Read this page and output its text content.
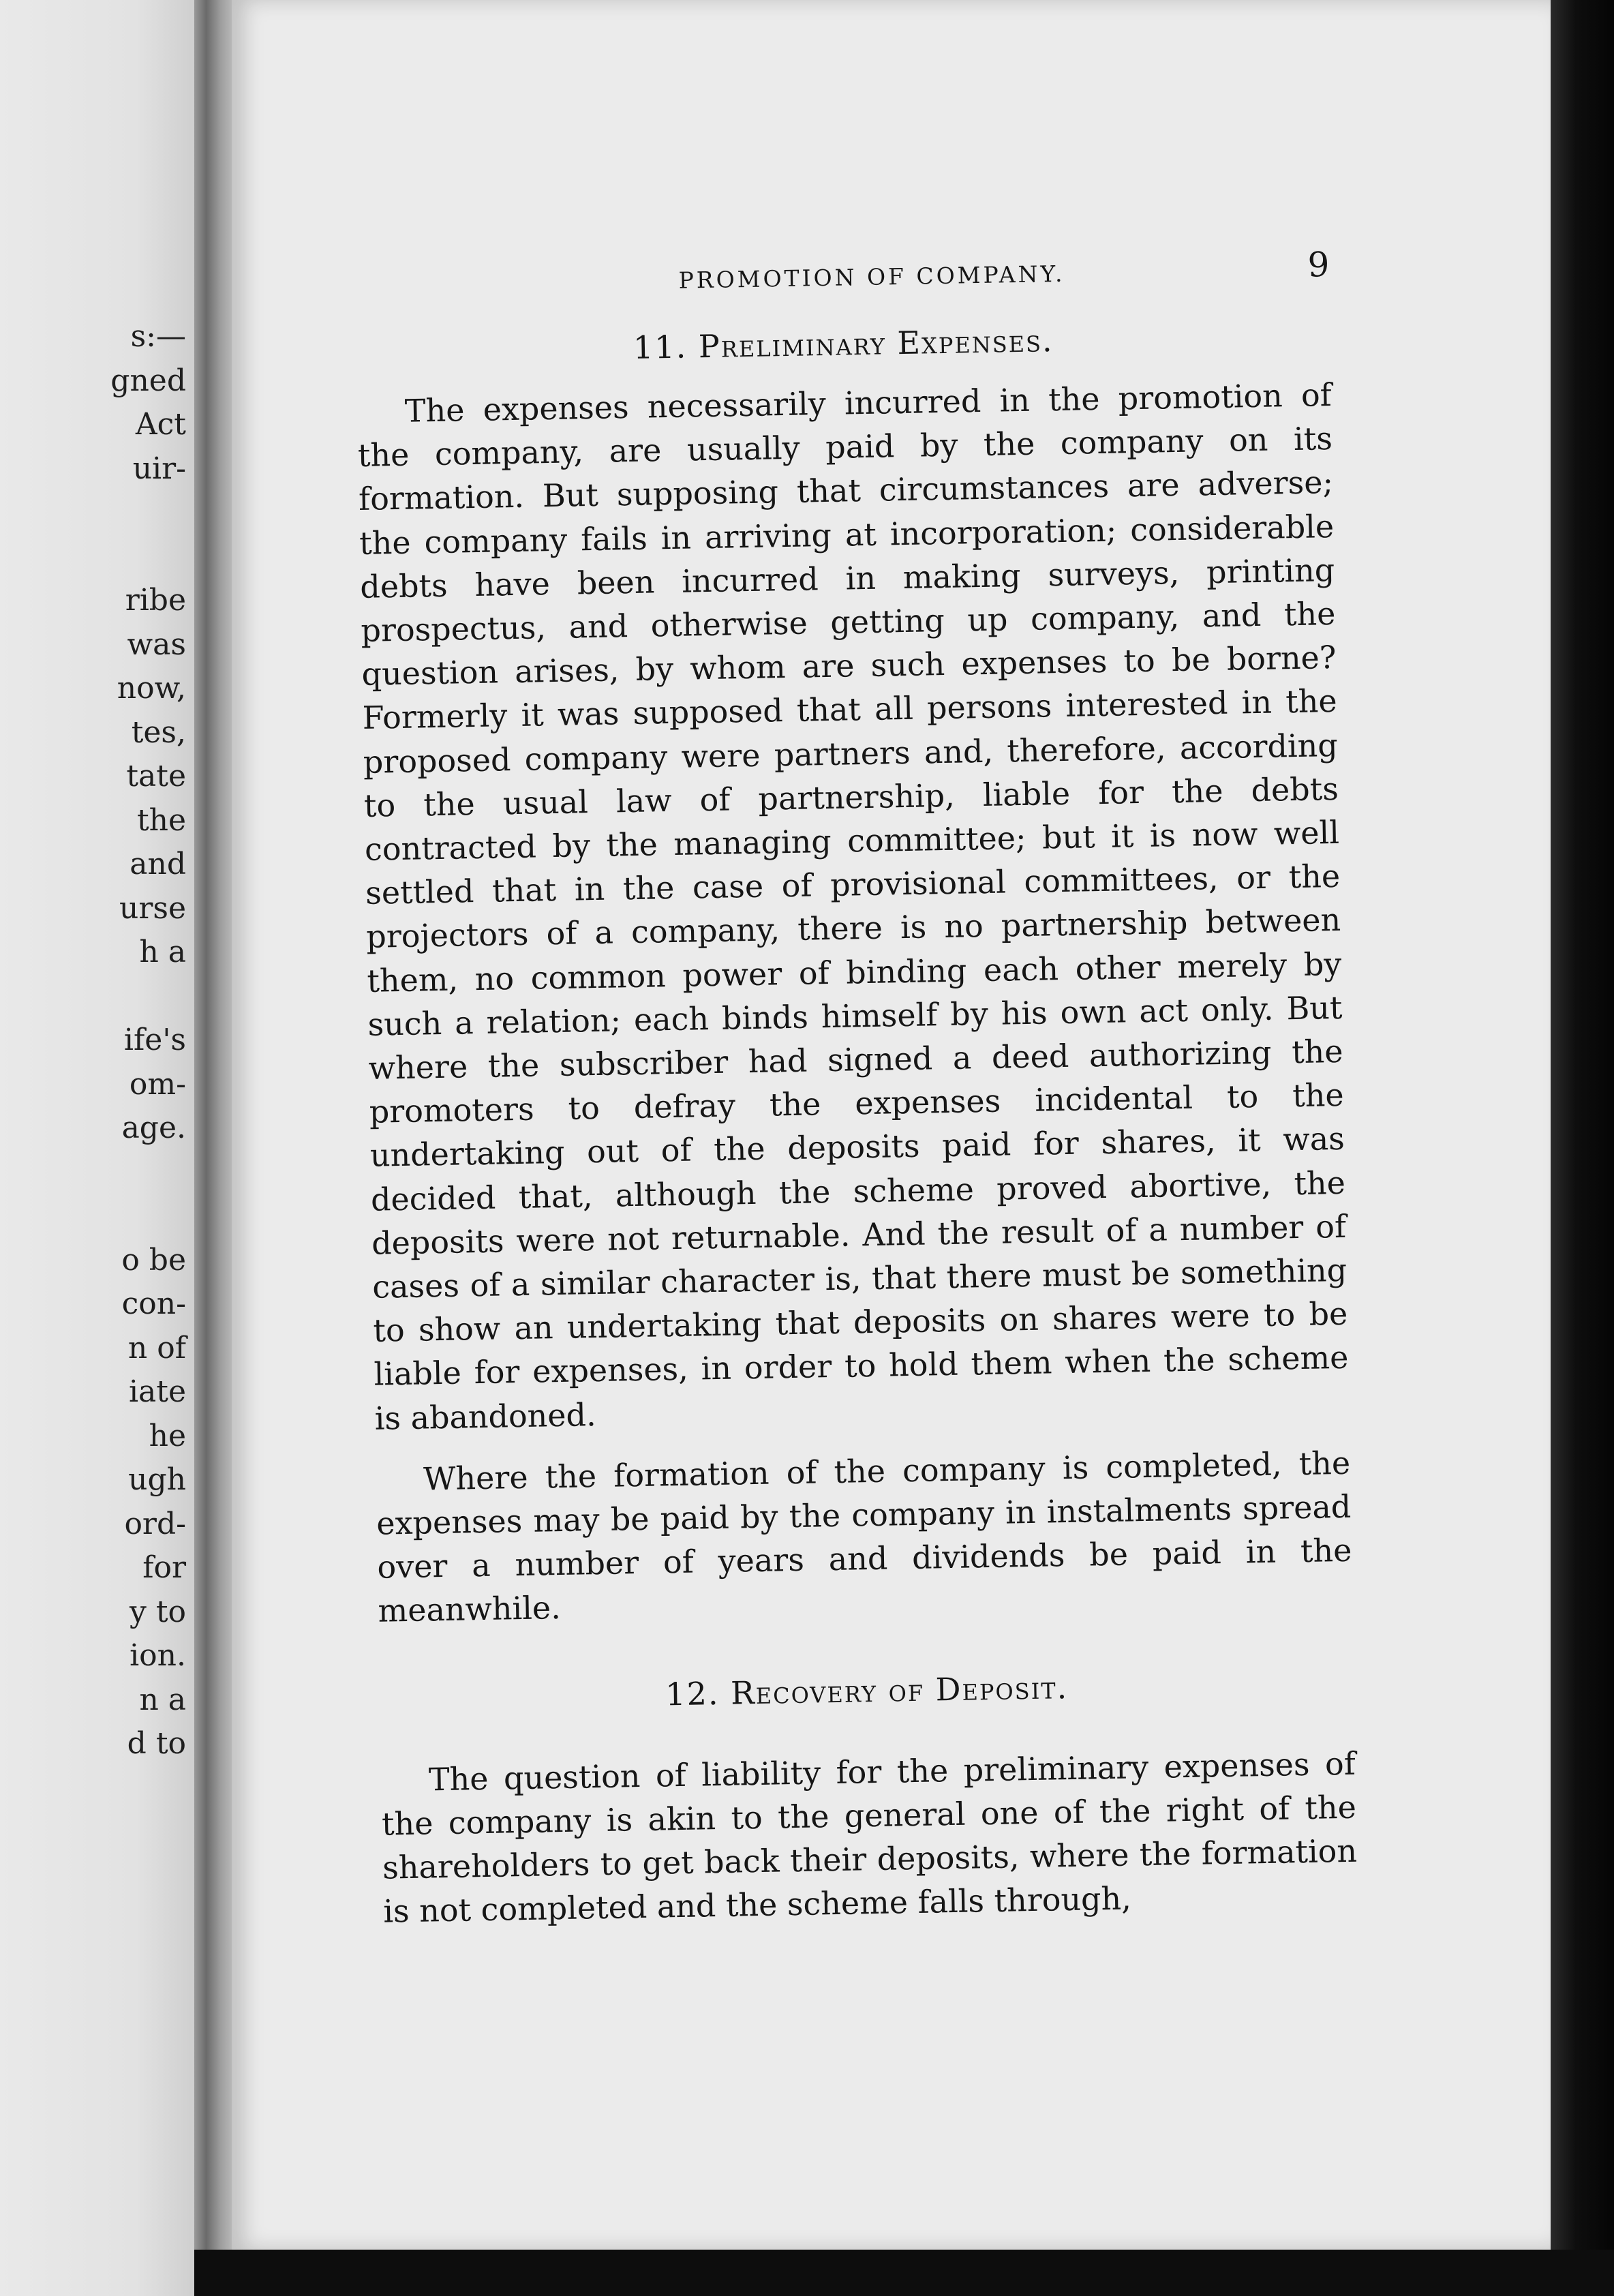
s:—
gned
Act
uir-

ribe
was
now,
tes,
tate
the
and
urse
h a

ife's
om-
age.

o be
con-
n of
iate
he
ugh
ord-
for
y to
ion.
n a
d to
PROMOTION OF COMPANY.	9
11. Preliminary Expenses.

The expenses necessarily incurred in the promotion of the company, are usually paid by the company on its formation. But supposing that circumstances are adverse; the company fails in arriving at incorporation; considerable debts have been incurred in making surveys, printing prospectus, and otherwise getting up company, and the question arises, by whom are such expenses to be borne? Formerly it was supposed that all persons interested in the proposed company were partners and, therefore, according to the usual law of partnership, liable for the debts contracted by the managing committee; but it is now well settled that in the case of provisional committees, or the projectors of a company, there is no partnership between them, no common power of binding each other merely by such a relation; each binds himself by his own act only. But where the subscriber had signed a deed authorizing the promoters to defray the expenses incidental to the undertaking out of the deposits paid for shares, it was decided that, although the scheme proved abortive, the deposits were not returnable. And the result of a number of cases of a similar character is, that there must be something to show an undertaking that deposits on shares were to be liable for expenses, in order to hold them when the scheme is abandoned.

Where the formation of the company is completed, the expenses may be paid by the company in instalments spread over a number of years and dividends be paid in the meanwhile.

12. Recovery of Deposit.

The question of liability for the preliminary expenses of the company is akin to the general one of the right of the shareholders to get back their deposits, where the formation is not completed and the scheme falls through,
